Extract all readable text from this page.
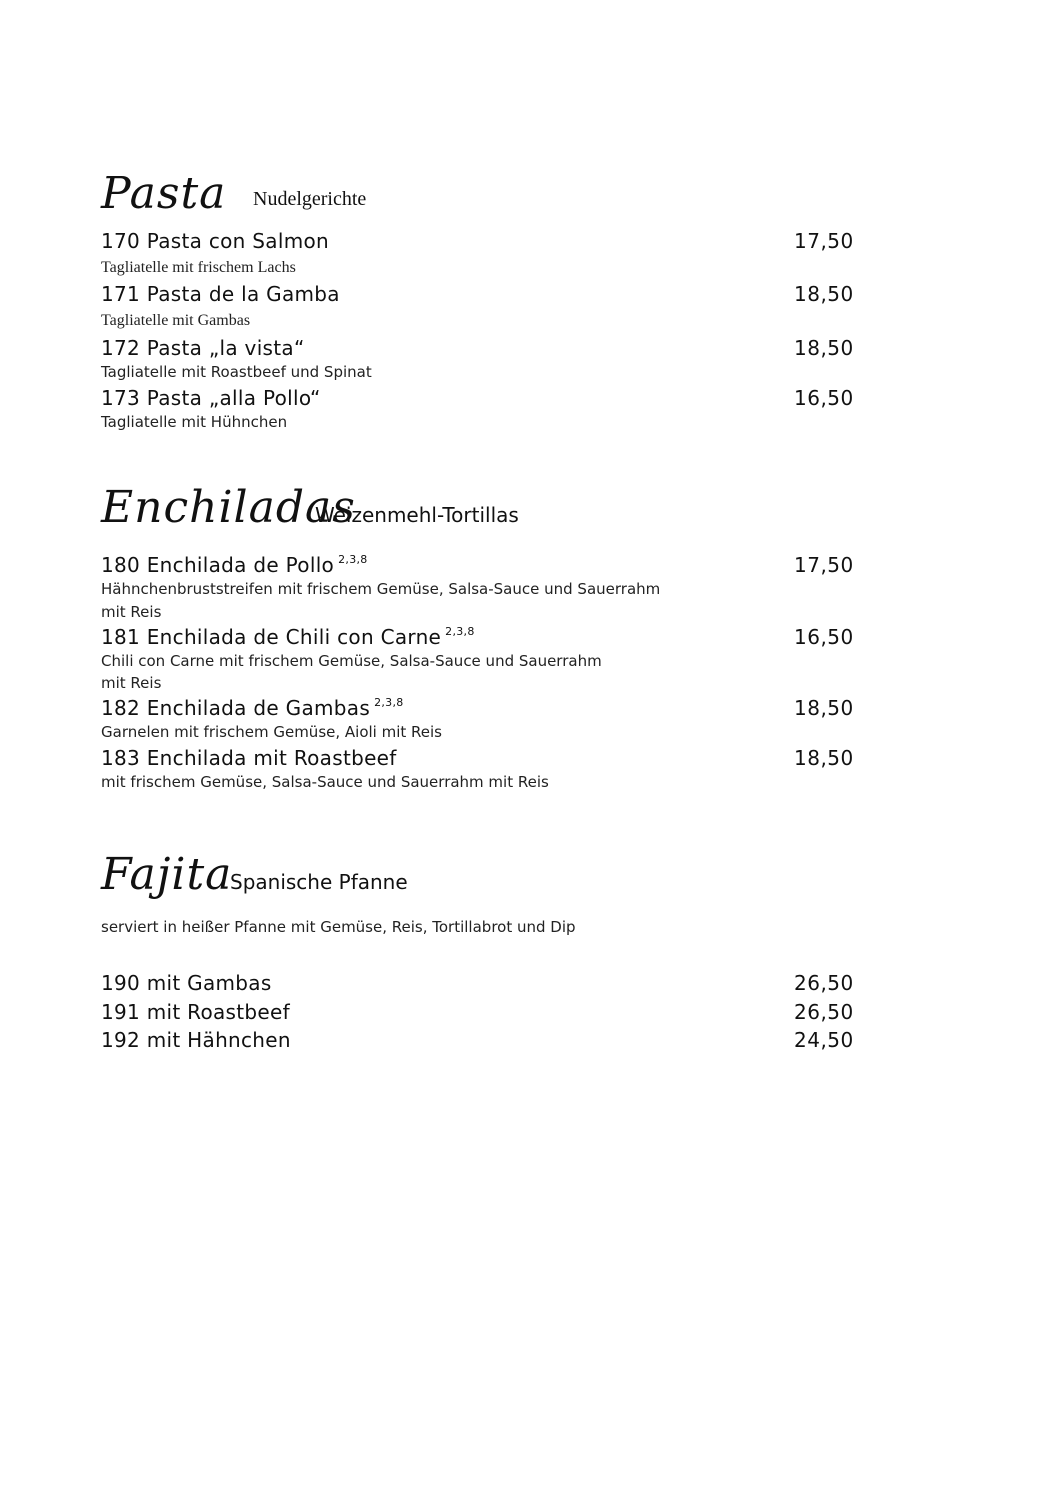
Pasta Nudelgerichte
170 Pasta con Salmon	17,50
Tagliatelle mit frischem Lachs
171 Pasta de la Gamba	18,50
Tagliatelle mit Gambas
172 Pasta „la vista“	18,50
Tagliatelle mit Roastbeef und Spinat
173 Pasta „alla Pollo“	16,50
Tagliatelle mit Hühnchen
Enchiladas
Weizenmehl-Tortillas
180 Enchilada de Pollo $^{2,3,8}$	17,50
Hähnchenbruststreifen mit frischem Gemüse, Salsa-Sauce und Sauerrahm
mit Reis
181 Enchilada de Chili con Carne $^{2,3,8}$	16,50
Chili con Carne mit frischem Gemüse, Salsa-Sauce und Sauerrahm
mit Reis
182 Enchilada de Gambas $^{2,3,8}$	18,50
Garnelen mit frischem Gemüse, Aioli mit Reis
183 Enchilada mit Roastbeef	18,50
mit frischem Gemüse, Salsa-Sauce und Sauerrahm mit Reis
Fajita
Spanische Pfanne
serviert in heißer Pfanne mit Gemüse, Reis, Tortillabrot und Dip
190 mit Gambas	26,50
191 mit Roastbeef	26,50
192 mit Hähnchen	24,50
